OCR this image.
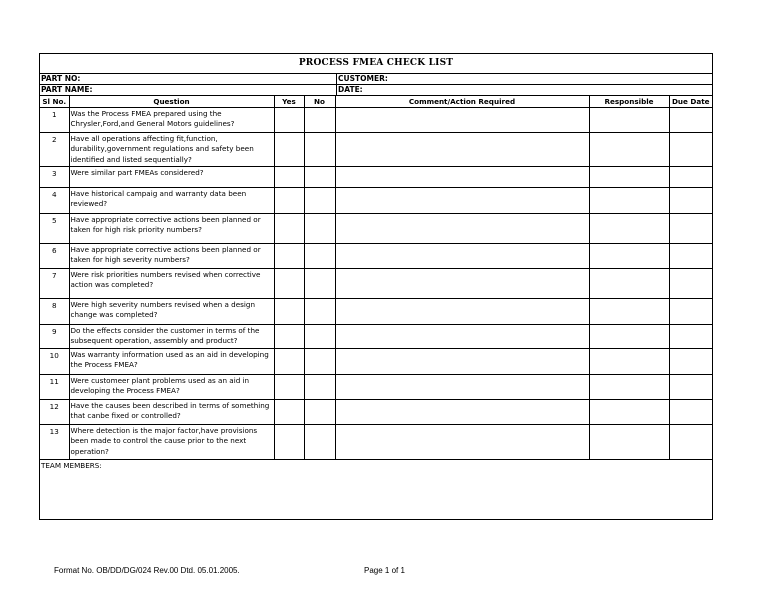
PROCESS FMEA CHECK LIST
PART NO:	CUSTOMER:
PART NAME:	DATE:
Sl No.	Question	Yes	No	Comment/Action Required	Responsible	Due Date
1	Was the Process FMEA prepared using the Chrysler,Ford,and General Motors guidelines?					
2	Have all operations affecting fit,function, durability,government regulations and safety been identified and listed sequentially?					
3	Were similar part FMEAs considered?					
4	Have historical campaig and warranty data been reviewed?					
5	Have appropriate corrective actions been planned or taken for high risk priority numbers?					
6	Have appropriate corrective actions been planned or taken for high severity numbers?					
7	Were risk priorities numbers revised when corrective action was completed?					
8	Were high severity numbers revised when a design change was completed?					
9	Do the effects consider the customer in terms of the subsequent operation, assembly and product?					
10	Was warranty information used as an aid in developing the Process FMEA?					
11	Were customeer plant problems used as an aid in developing the Process FMEA?					
12	Have the causes been described in terms of something that canbe fixed or controlled?					
13	Where detection is the major factor,have provisions been made to control the cause prior to the next operation?					
TEAM MEMBERS:
Format No. OB/DD/DG/024 Rev.00 Dtd. 05.01.2005.	Page 1 of 1
